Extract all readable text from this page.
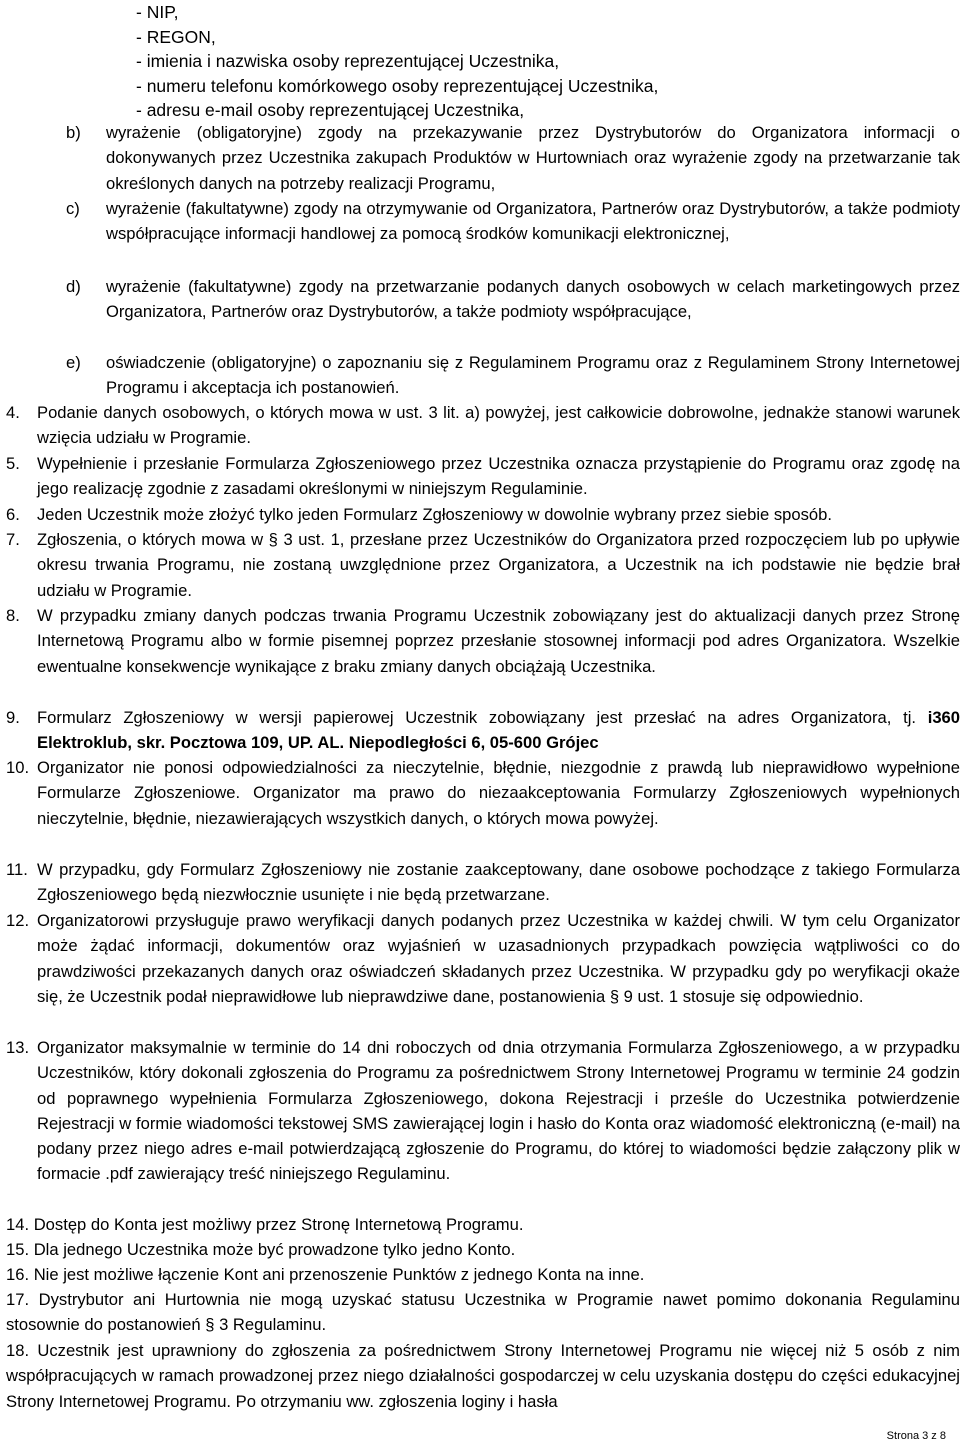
- NIP,
- REGON,
- imienia i nazwiska osoby reprezentującej Uczestnika,
- numeru telefonu komórkowego osoby reprezentującej Uczestnika,
- adresu e-mail osoby reprezentującej Uczestnika,
b) wyrażenie (obligatoryjne) zgody na przekazywanie przez Dystrybutorów do Organizatora informacji o dokonywanych przez Uczestnika zakupach Produktów w Hurtowniach oraz wyrażenie zgody na przetwarzanie tak określonych danych na potrzeby realizacji Programu,
c) wyrażenie (fakultatywne) zgody na otrzymywanie od Organizatora, Partnerów oraz Dystrybutorów, a także podmioty współpracujące informacji handlowej za pomocą środków komunikacji elektronicznej,
d) wyrażenie (fakultatywne) zgody na przetwarzanie podanych danych osobowych w celach marketingowych przez Organizatora, Partnerów oraz Dystrybutorów, a także podmioty współpracujące,
e) oświadczenie (obligatoryjne) o zapoznaniu się z Regulaminem Programu oraz z Regulaminem Strony Internetowej Programu i akceptacja ich postanowień.
4. Podanie danych osobowych, o których mowa w ust. 3 lit. a) powyżej, jest całkowicie dobrowolne, jednakże stanowi warunek wzięcia udziału w Programie.
5. Wypełnienie i przesłanie Formularza Zgłoszeniowego przez Uczestnika oznacza przystąpienie do Programu oraz zgodę na jego realizację zgodnie z zasadami określonymi w niniejszym Regulaminie.
6. Jeden Uczestnik może złożyć tylko jeden Formularz Zgłoszeniowy w dowolnie wybrany przez siebie sposób.
7. Zgłoszenia, o których mowa w § 3 ust. 1, przesłane przez Uczestników do Organizatora przed rozpoczęciem lub po upływie okresu trwania Programu, nie zostaną uwzględnione przez Organizatora, a Uczestnik na ich podstawie nie będzie brał udziału w Programie.
8. W przypadku zmiany danych podczas trwania Programu Uczestnik zobowiązany jest do aktualizacji danych przez Stronę Internetową Programu albo w formie pisemnej poprzez przesłanie stosownej informacji pod adres Organizatora. Wszelkie ewentualne konsekwencje wynikające z braku zmiany danych obciążają Uczestnika.
9. Formularz Zgłoszeniowy w wersji papierowej Uczestnik zobowiązany jest przesłać na adres Organizatora, tj. i360 Elektroklub, skr. Pocztowa 109, UP. AL. Niepodległości 6, 05-600 Grójec
10. Organizator nie ponosi odpowiedzialności za nieczytelnie, błędnie, niezgodnie z prawdą lub nieprawidłowo wypełnione Formularze Zgłoszeniowe. Organizator ma prawo do niezaakceptowania Formularzy Zgłoszeniowych wypełnionych nieczytelnie, błędnie, niezawierających wszystkich danych, o których mowa powyżej.
11. W przypadku, gdy Formularz Zgłoszeniowy nie zostanie zaakceptowany, dane osobowe pochodzące z takiego Formularza Zgłoszeniowego będą niezwłocznie usunięte i nie będą przetwarzane.
12. Organizatorowi przysługuje prawo weryfikacji danych podanych przez Uczestnika w każdej chwili. W tym celu Organizator może żądać informacji, dokumentów oraz wyjaśnień w uzasadnionych przypadkach powzięcia wątpliwości co do prawdziwości przekazanych danych oraz oświadczeń składanych przez Uczestnika. W przypadku gdy po weryfikacji okaże się, że Uczestnik podał nieprawidłowe lub nieprawdziwe dane, postanowienia § 9 ust. 1 stosuje się odpowiednio.
13. Organizator maksymalnie w terminie do 14 dni roboczych od dnia otrzymania Formularza Zgłoszeniowego, a w przypadku Uczestników, który dokonali zgłoszenia do Programu za pośrednictwem Strony Internetowej Programu w terminie 24 godzin od poprawnego wypełnienia Formularza Zgłoszeniowego, dokona Rejestracji i prześle do Uczestnika potwierdzenie Rejestracji w formie wiadomości tekstowej SMS zawierającej login i hasło do Konta oraz wiadomość elektroniczną (e-mail) na podany przez niego adres e-mail potwierdzającą zgłoszenie do Programu, do której to wiadomości będzie załączony plik w formacie .pdf zawierający treść niniejszego Regulaminu.
14. Dostęp do Konta jest możliwy przez Stronę Internetową Programu.
15. Dla jednego Uczestnika może być prowadzone tylko jedno Konto.
16. Nie jest możliwe łączenie Kont ani przenoszenie Punktów z jednego Konta na inne.
17. Dystrybutor ani Hurtownia nie mogą uzyskać statusu Uczestnika w Programie nawet pomimo dokonania Regulaminu stosownie do postanowień § 3 Regulaminu.
18. Uczestnik jest uprawniony do zgłoszenia za pośrednictwem Strony Internetowej Programu nie więcej niż 5 osób z nim współpracujących w ramach prowadzonej przez niego działalności gospodarczej w celu uzyskania dostępu do części edukacyjnej Strony Internetowej Programu. Po otrzymaniu ww. zgłoszenia loginy i hasła
Strona 3 z 8
